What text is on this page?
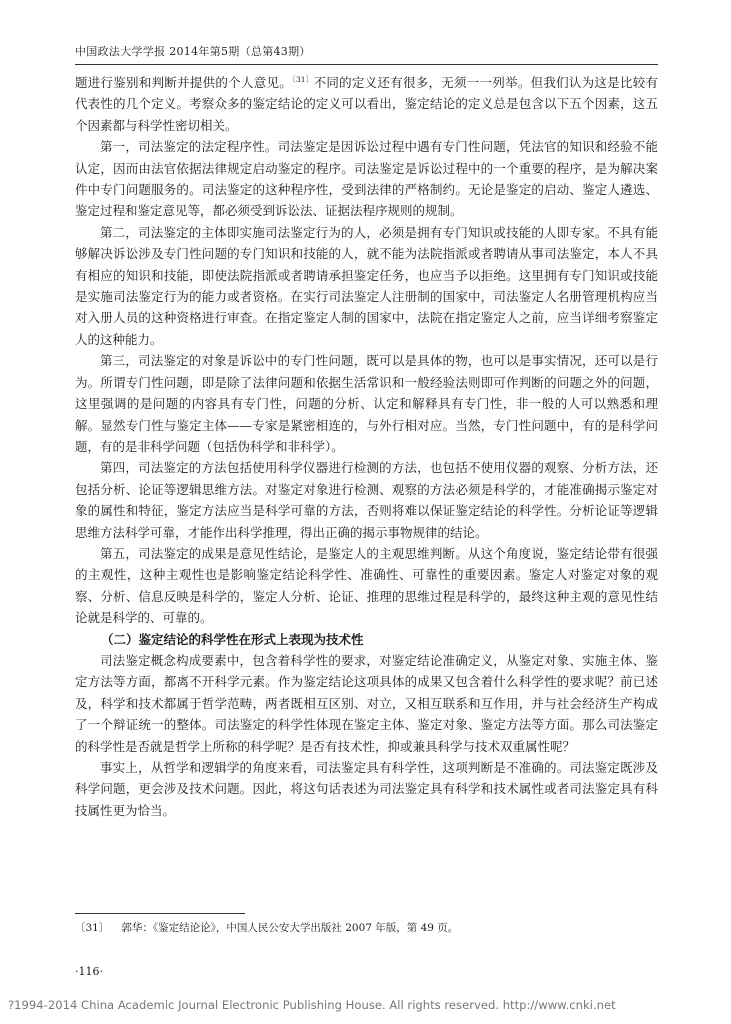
中国政法大学学报 2014年第5期（总第43期）

题进行鉴别和判断并提供的个人意见。$^{〔31〕}$不同的定义还有很多，无须一一列举。但我们认为这是比较有代表性的几个定义。考察众多的鉴定结论的定义可以看出，鉴定结论的定义总是包含以下五个因素，这五个因素都与科学性密切相关。

第一，司法鉴定的法定程序性。司法鉴定是因诉讼过程中遇有专门性问题，凭法官的知识和经验不能认定，因而由法官依据法律规定启动鉴定的程序。司法鉴定是诉讼过程中的一个重要的程序，是为解决案件中专门问题服务的。司法鉴定的这种程序性，受到法律的严格制约。无论是鉴定的启动、鉴定人遴选、鉴定过程和鉴定意见等，都必须受到诉讼法、证据法程序规则的规制。

第二，司法鉴定的主体即实施司法鉴定行为的人，必须是拥有专门知识或技能的人即专家。不具有能够解决诉讼涉及专门性问题的专门知识和技能的人，就不能为法院指派或者聘请从事司法鉴定，本人不具有相应的知识和技能，即使法院指派或者聘请承担鉴定任务，也应当予以拒绝。这里拥有专门知识或技能是实施司法鉴定行为的能力或者资格。在实行司法鉴定人注册制的国家中，司法鉴定人名册管理机构应当对入册人员的这种资格进行审查。在指定鉴定人制的国家中，法院在指定鉴定人之前，应当详细考察鉴定人的这种能力。

第三，司法鉴定的对象是诉讼中的专门性问题，既可以是具体的物，也可以是事实情况，还可以是行为。所谓专门性问题，即是除了法律问题和依据生活常识和一般经验法则即可作判断的问题之外的问题，这里强调的是问题的内容具有专门性，问题的分析、认定和解释具有专门性，非一般的人可以熟悉和理解。显然专门性与鉴定主体——专家是紧密相连的，与外行相对应。当然，专门性问题中，有的是科学问题，有的是非科学问题（包括伪科学和非科学）。

第四，司法鉴定的方法包括使用科学仪器进行检测的方法，也包括不使用仪器的观察、分析方法，还包括分析、论证等逻辑思维方法。对鉴定对象进行检测、观察的方法必须是科学的，才能准确揭示鉴定对象的属性和特征，鉴定方法应当是科学可靠的方法，否则将难以保证鉴定结论的科学性。分析论证等逻辑思维方法科学可靠，才能作出科学推理，得出正确的揭示事物规律的结论。

第五，司法鉴定的成果是意见性结论，是鉴定人的主观思维判断。从这个角度说，鉴定结论带有很强的主观性，这种主观性也是影响鉴定结论科学性、准确性、可靠性的重要因素。鉴定人对鉴定对象的观察、分析、信息反映是科学的，鉴定人分析、论证、推理的思维过程是科学的，最终这种主观的意见性结论就是科学的、可靠的。

（二）鉴定结论的科学性在形式上表现为技术性

司法鉴定概念构成要素中，包含着科学性的要求，对鉴定结论准确定义，从鉴定对象、实施主体、鉴定方法等方面，都离不开科学元素。作为鉴定结论这项具体的成果又包含着什么科学性的要求呢？前已述及，科学和技术都属于哲学范畴，两者既相互区别、对立，又相互联系和互作用，并与社会经济生产构成了一个辩证统一的整体。司法鉴定的科学性体现在鉴定主体、鉴定对象、鉴定方法等方面。那么司法鉴定的科学性是否就是哲学上所称的科学呢？是否有技术性，抑或兼具科学与技术双重属性呢？

事实上，从哲学和逻辑学的角度来看，司法鉴定具有科学性，这项判断是不准确的。司法鉴定既涉及科学问题，更会涉及技术问题。因此，将这句话表述为司法鉴定具有科学和技术属性或者司法鉴定具有科技属性更为恰当。

〔31〕 郭华：《鉴定结论论》，中国人民公安大学出版社 2007 年版，第 49 页。
·116·
?1994-2014 China Academic Journal Electronic Publishing House. All rights reserved. http://www.cnki.net
